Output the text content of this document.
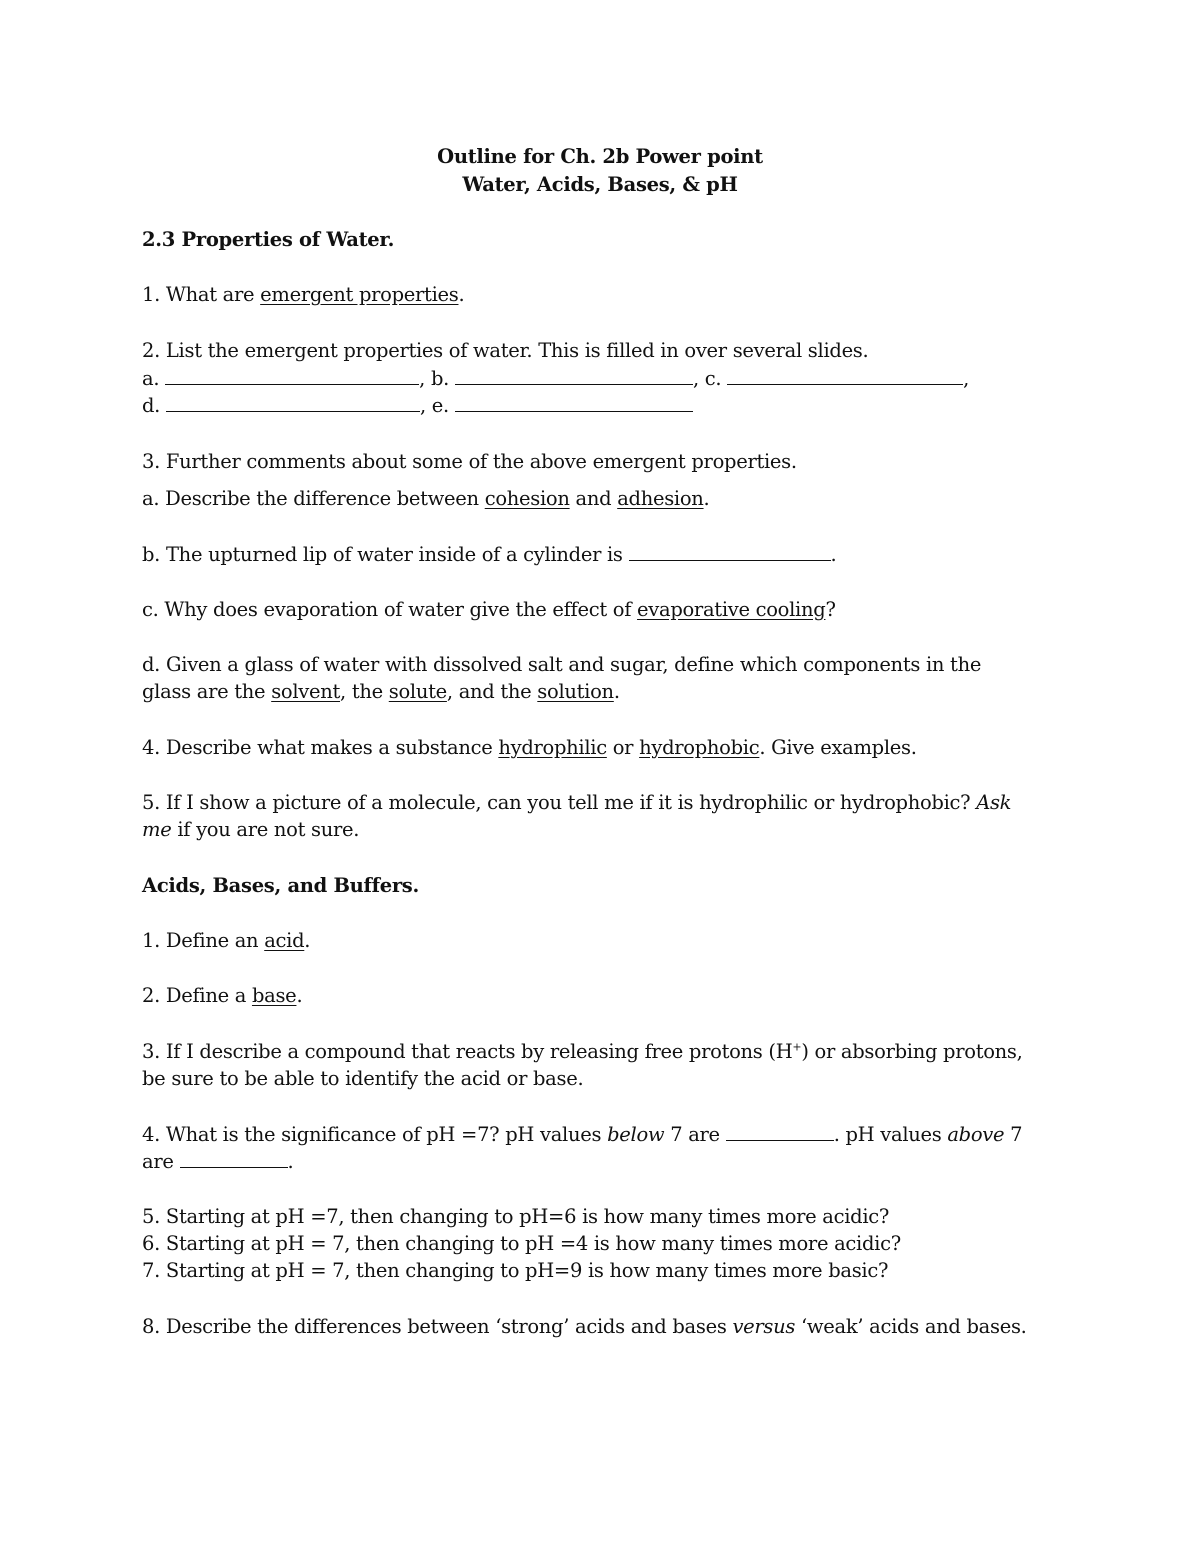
Outline for Ch. 2b Power point
Water, Acids, Bases, & pH
2.3 Properties of Water.
1. What are emergent properties.
2. List the emergent properties of water. This is filled in over several slides.
a.	, b.	, c.	,
d.	, e.
3. Further comments about some of the above emergent properties.
a. Describe the difference between cohesion and adhesion.
b. The upturned lip of water inside of a cylinder is	.
c. Why does evaporation of water give the effect of evaporative cooling?
d. Given a glass of water with dissolved salt and sugar, define which components in the
glass are the solvent, the solute, and the solution.
4. Describe what makes a substance hydrophilic or hydrophobic. Give examples.
5. If I show a picture of a molecule, can you tell me if it is hydrophilic or hydrophobic? Ask
me if you are not sure.
Acids, Bases, and Buffers.
1. Define an acid.
2. Define a base.
3. If I describe a compound that reacts by releasing free protons (H+) or absorbing protons,
be sure to be able to identify the acid or base.
4. What is the significance of pH =7? pH values below 7 are	. pH values above 7
are	.
5. Starting at pH =7, then changing to pH=6 is how many times more acidic?
6. Starting at pH = 7, then changing to pH =4 is how many times more acidic?
7. Starting at pH = 7, then changing to pH=9 is how many times more basic?
8. Describe the differences between ‘strong’ acids and bases versus ‘weak’ acids and bases.
